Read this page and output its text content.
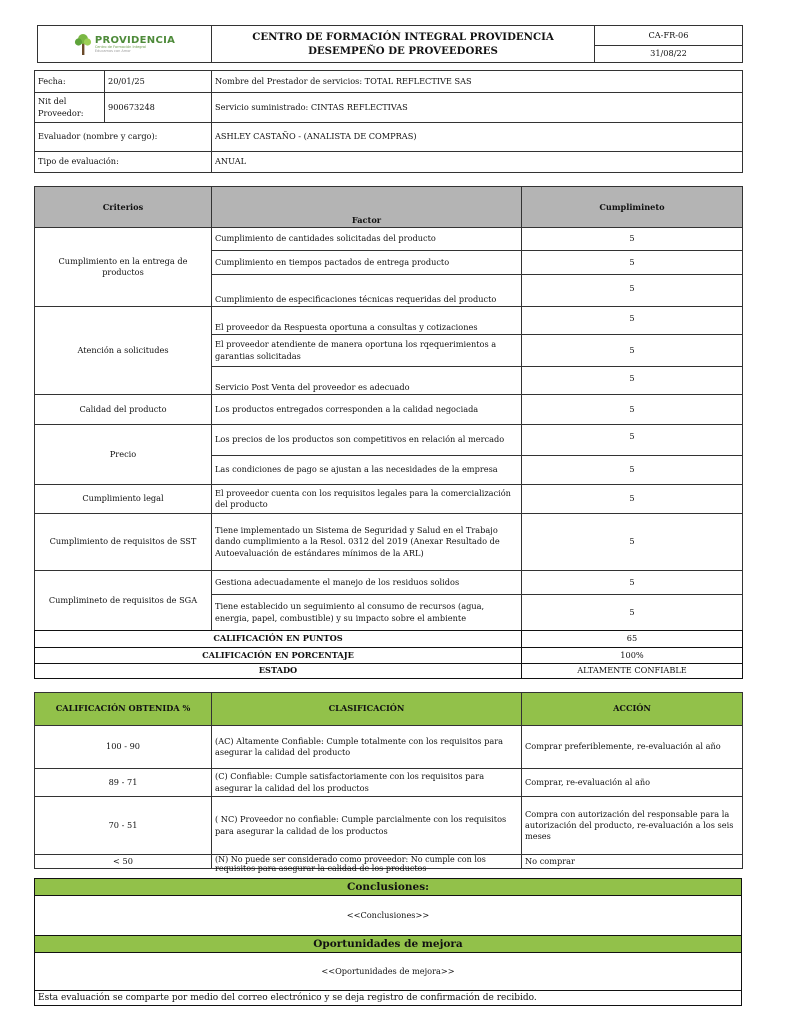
PROVIDENCIA
Centro de Formación Integral
Educamos con Amor
	CENTRO DE FORMACIÓN INTEGRAL PROVIDENCIA DESEMPEÑO DE PROVEEDORES	CA-FR-06
31/08/22
Fecha:	20/01/25	Nombre del Prestador de servicios: TOTAL REFLECTIVE SAS
Nit del Proveedor:	900673248	Servicio suministrado: CINTAS REFLECTIVAS
Evaluador (nombre y cargo):		ASHLEY CASTAÑO - (ANALISTA DE COMPRAS)
Tipo de evaluación:		ANUAL
Criterios	Factor	Cumplimineto
Cumplimiento en la entrega de productos	Cumplimiento de cantidades solicitadas del producto	5
	Cumplimiento en tiempos pactados de entrega producto	5
	Cumplimiento de especificaciones técnicas requeridas del producto	5
Atención a solicitudes	El proveedor da Respuesta oportuna a consultas y cotizaciones	5
	El proveedor atendiente de manera oportuna los rqequerimientos a garantias solicitadas	5
	Servicio Post Venta del proveedor es adecuado	5
Calidad del producto	Los productos entregados corresponden a la calidad negociada	5
Precio	Los precios de los productos son competitivos en relación al mercado	5
	Las condiciones de pago se ajustan a las necesidades de la empresa	5
Cumplimiento legal	El proveedor cuenta con los requisitos legales para la comercialización del producto	5
Cumplimiento de requisitos de SST	Tiene implementado un Sistema de Seguridad y Salud en el Trabajo dando cumplimiento a la Resol. 0312 del 2019 (Anexar Resultado de Autoevaluación de estándares mínimos de la ARL)	5
Cumplimineto de requisitos de SGA	Gestiona adecuadamente el manejo de los residuos solidos	5
	Tiene establecido un seguimiento al consumo de recursos (agua, energia, papel, combustible) y su impacto sobre el ambiente	5
CALIFICACIÓN EN PUNTOS	65
CALIFICACIÓN EN PORCENTAJE	100%
ESTADO	ALTAMENTE CONFIABLE
CALIFICACIÓN OBTENIDA %	CLASIFICACIÓN	ACCIÓN
100 - 90	(AC) Altamente Confiable: Cumple totalmente con los requisitos para asegurar la calidad del producto	Comprar preferiblemente, re-evaluación al año
89 - 71	(C) Confiable: Cumple satisfactoriamente con los requisitos para asegurar la calidad del los productos	Comprar, re-evaluación al año
70 - 51	( NC) Proveedor no confiable: Cumple parcialmente con los requisitos para asegurar la calidad de los productos	Compra con autorización del responsable para la autorización del producto, re-evaluación a los seis meses
< 50	(N) No puede ser considerado como proveedor: No cumple con los requisitos para asegurar la calidad de los productos	No comprar
Conclusiones:
<<Conclusiones>>
Oportunidades de mejora
<<Oportunidades de mejora>>
Esta evaluación se comparte por medio del correo electrónico y se deja registro de confirmación de recibido.
